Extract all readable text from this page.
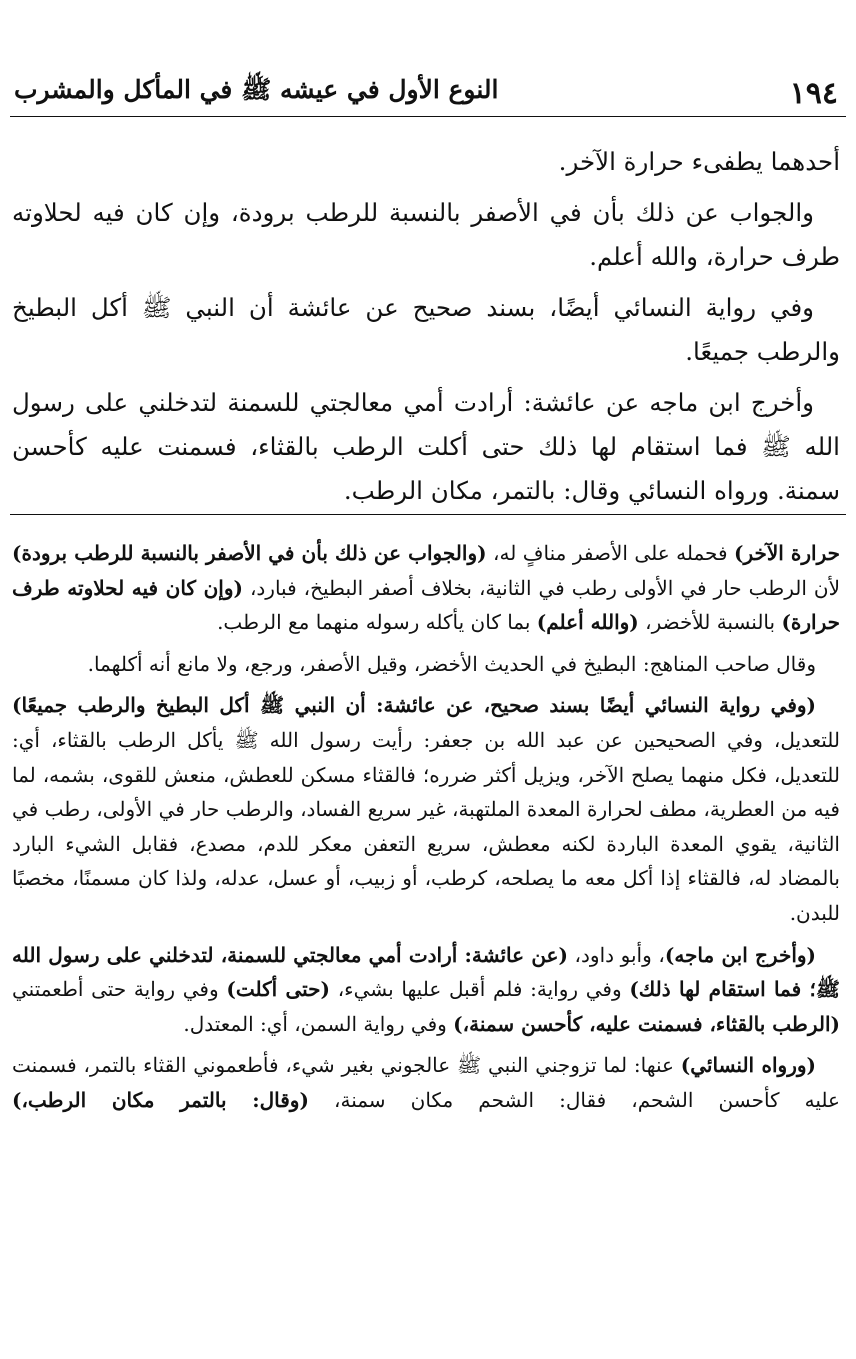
١٩٤
النوع الأول في عيشه ﷺ في المأكل والمشرب

أحدهما يطفىء حرارة الآخر.

والجواب عن ذلك بأن في الأصفر بالنسبة للرطب برودة، وإن كان فيه لحلاوته طرف حرارة، والله أعلم.

وفي رواية النسائي أيضًا، بسند صحيح عن عائشة أن النبي ﷺ أكل البطيخ والرطب جميعًا.

وأخرج ابن ماجه عن عائشة: أرادت أمي معالجتي للسمنة لتدخلني على رسول الله ﷺ فما استقام لها ذلك حتى أكلت الرطب بالقثاء، فسمنت عليه كأحسن سمنة. ورواه النسائي وقال: بالتمر، مكان الرطب.

حرارة الآخر) فحمله على الأصفر منافٍ له، (والجواب عن ذلك بأن في الأصفر بالنسبة للرطب برودة) لأن الرطب حار في الأولى رطب في الثانية، بخلاف أصفر البطيخ، فبارد، (وإن كان فيه لحلاوته طرف حرارة) بالنسبة للأخضر، (والله أعلم) بما كان يأكله رسوله منهما مع الرطب.

وقال صاحب المناهج: البطيخ في الحديث الأخضر، وقيل الأصفر، ورجع، ولا مانع أنه أكلهما.

(وفي رواية النسائي أيضًا بسند صحيح، عن عائشة: أن النبي ﷺ أكل البطيخ والرطب جميعًا) للتعديل، وفي الصحيحين عن عبد الله بن جعفر: رأيت رسول الله ﷺ يأكل الرطب بالقثاء، أي: للتعديل، فكل منهما يصلح الآخر، ويزيل أكثر ضرره؛ فالقثاء مسكن للعطش، منعش للقوى، بشمه، لما فيه من العطرية، مطف لحرارة المعدة الملتهبة، غير سريع الفساد، والرطب حار في الأولى، رطب في الثانية، يقوي المعدة الباردة لكنه معطش، سريع التعفن معكر للدم، مصدع، فقابل الشيء البارد بالمضاد له، فالقثاء إذا أكل معه ما يصلحه، كرطب، أو زبيب، أو عسل، عدله، ولذا كان مسمنًا، مخصبًا للبدن.

(وأخرج ابن ماجه)، وأبو داود، (عن عائشة: أرادت أمي معالجتي للسمنة، لتدخلني على رسول الله ﷺ؛ فما استقام لها ذلك) وفي رواية: فلم أقبل عليها بشيء، (حتى أكلت) وفي رواية حتى أطعمتني (الرطب بالقثاء، فسمنت عليه، كأحسن سمنة،) وفي رواية السمن، أي: المعتدل.

(ورواه النسائي) عنها: لما تزوجني النبي ﷺ عالجوني بغير شيء، فأطعموني القثاء بالتمر، فسمنت عليه كأحسن الشحم، فقال: الشحم مكان سمنة، (وقال: بالتمر مكان الرطب،)
